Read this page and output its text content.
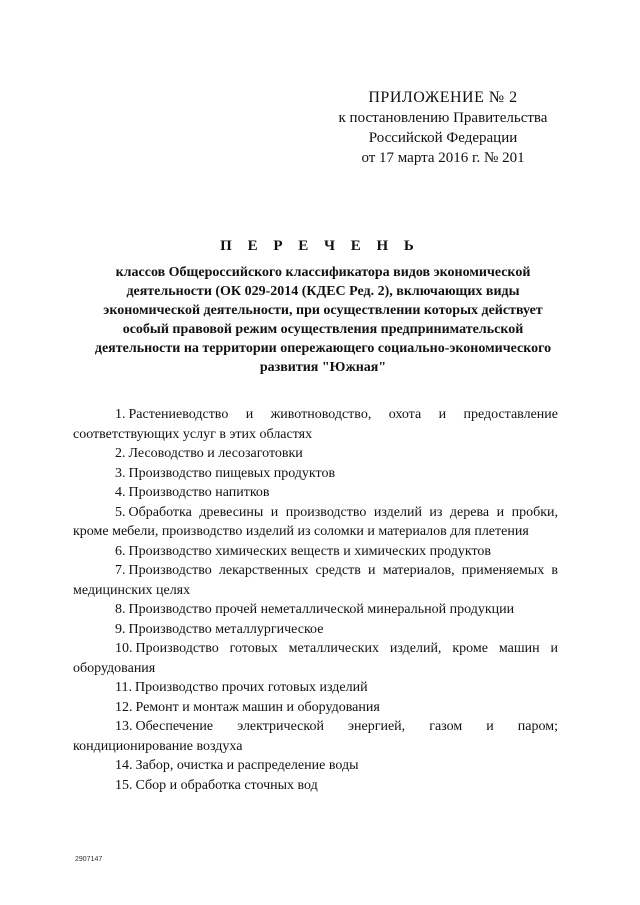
ПРИЛОЖЕНИЕ № 2
к постановлению Правительства
Российской Федерации
от 17 марта 2016 г. № 201
П Е Р Е Ч Е Н Ь
классов Общероссийского классификатора видов экономической деятельности (ОК 029-2014 (КДЕС Ред. 2), включающих виды экономической деятельности, при осуществлении которых действует особый правовой режим осуществления предпринимательской деятельности на территории опережающего социально-экономического развития "Южная"

1. Растениеводство и животноводство, охота и предоставление соответствующих услуг в этих областях

2. Лесоводство и лесозаготовки

3. Производство пищевых продуктов

4. Производство напитков

5. Обработка древесины и производство изделий из дерева и пробки, кроме мебели, производство изделий из соломки и материалов для плетения

6. Производство химических веществ и химических продуктов

7. Производство лекарственных средств и материалов, применяемых в медицинских целях

8. Производство прочей неметаллической минеральной продукции

9. Производство металлургическое

10. Производство готовых металлических изделий, кроме машин и оборудования

11. Производство прочих готовых изделий

12. Ремонт и монтаж машин и оборудования

13. Обеспечение электрической энергией, газом и паром; кондиционирование воздуха

14. Забор, очистка и распределение воды

15. Сбор и обработка сточных вод

2907147
